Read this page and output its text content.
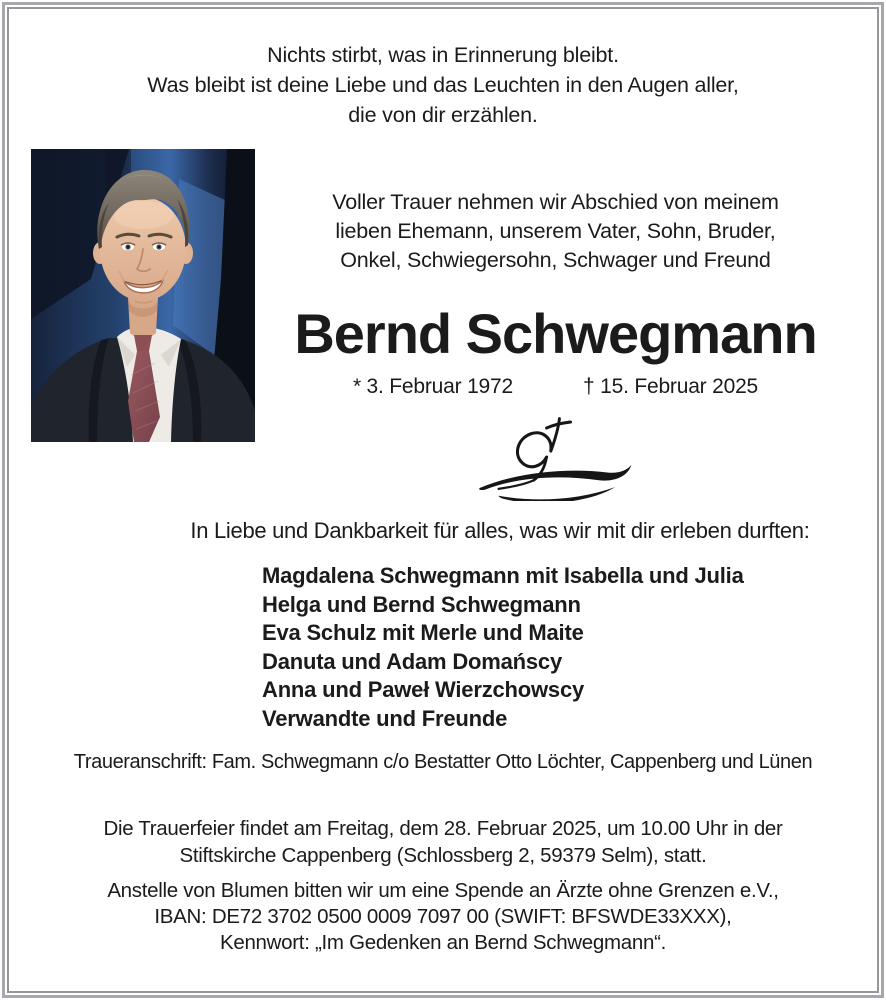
Nichts stirbt, was in Erinnerung bleibt.
Was bleibt ist deine Liebe und das Leuchten in den Augen aller,
die von dir erzählen.
Voller Trauer nehmen wir Abschied von meinem
lieben Ehemann, unserem Vater, Sohn, Bruder,
Onkel, Schwiegersohn, Schwager und Freund
Bernd Schwegmann
* 3. Februar 1972	† 15. Februar 2025
In Liebe und Dankbarkeit für alles, was wir mit dir erleben durften:
Magdalena Schwegmann mit Isabella und Julia
Helga und Bernd Schwegmann
Eva Schulz mit Merle und Maite
Danuta und Adam Domańscy
Anna und Paweł Wierzchowscy
Verwandte und Freunde
Traueranschrift: Fam. Schwegmann c/o Bestatter Otto Löchter, Cappenberg und Lünen
Die Trauerfeier findet am Freitag, dem 28. Februar 2025, um 10.00 Uhr in der
Stiftskirche Cappenberg (Schlossberg 2, 59379 Selm), statt.
Anstelle von Blumen bitten wir um eine Spende an Ärzte ohne Grenzen e.V.,
IBAN: DE72 3702 0500 0009 7097 00 (SWIFT: BFSWDE33XXX),
Kennwort: „Im Gedenken an Bernd Schwegmann“.
